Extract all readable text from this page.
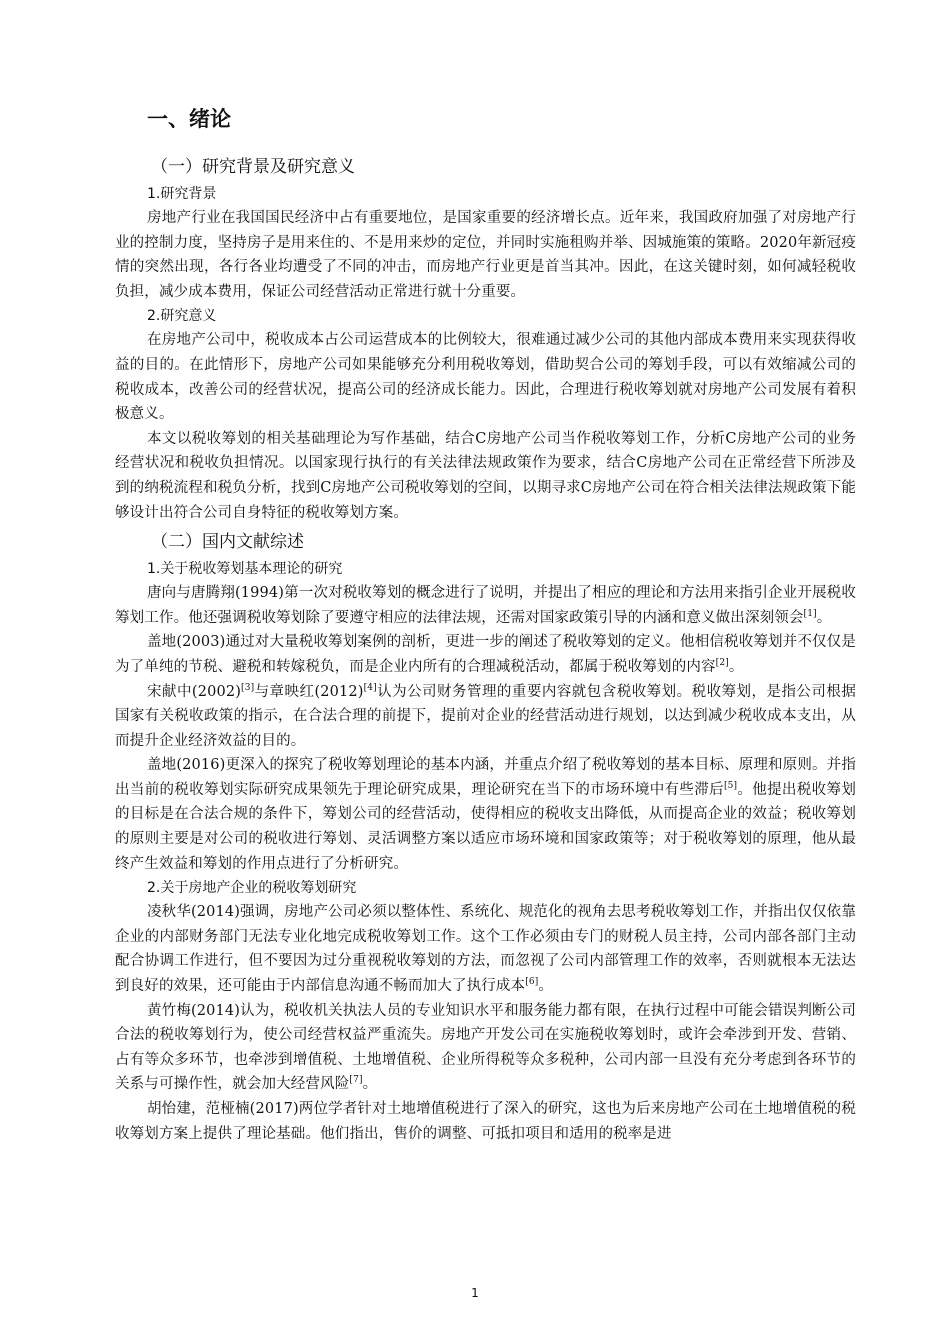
一、绪论
（一）研究背景及研究意义
1.研究背景

房地产行业在我国国民经济中占有重要地位，是国家重要的经济增长点。近年来，我国政府加强了对房地产行业的控制力度，坚持房子是用来住的、不是用来炒的定位，并同时实施租购并举、因城施策的策略。2020年新冠疫情的突然出现，各行各业均遭受了不同的冲击，而房地产行业更是首当其冲。因此，在这关键时刻，如何减轻税收负担，减少成本费用，保证公司经营活动正常进行就十分重要。

2.研究意义

在房地产公司中，税收成本占公司运营成本的比例较大，很难通过减少公司的其他内部成本费用来实现获得收益的目的。在此情形下，房地产公司如果能够充分利用税收筹划，借助契合公司的筹划手段，可以有效缩减公司的税收成本，改善公司的经营状况，提高公司的经济成长能力。因此，合理进行税收筹划就对房地产公司发展有着积极意义。

本文以税收筹划的相关基础理论为写作基础，结合C房地产公司当作税收筹划工作，分析C房地产公司的业务经营状况和税收负担情况。以国家现行执行的有关法律法规政策作为要求，结合C房地产公司在正常经营下所涉及到的纳税流程和税负分析，找到C房地产公司税收筹划的空间，以期寻求C房地产公司在符合相关法律法规政策下能够设计出符合公司自身特征的税收筹划方案。

（二）国内文献综述
1.关于税收筹划基本理论的研究

唐向与唐腾翔(1994)第一次对税收筹划的概念进行了说明，并提出了相应的理论和方法用来指引企业开展税收筹划工作。他还强调税收筹划除了要遵守相应的法律法规，还需对国家政策引导的内涵和意义做出深刻领会[1]。

盖地(2003)通过对大量税收筹划案例的剖析，更进一步的阐述了税收筹划的定义。他相信税收筹划并不仅仅是为了单纯的节税、避税和转嫁税负，而是企业内所有的合理减税活动，都属于税收筹划的内容[2]。

宋献中(2002)[3]与章映红(2012)[4]认为公司财务管理的重要内容就包含税收筹划。税收筹划，是指公司根据国家有关税收政策的指示，在合法合理的前提下，提前对企业的经营活动进行规划，以达到减少税收成本支出，从而提升企业经济效益的目的。

盖地(2016)更深入的探究了税收筹划理论的基本内涵，并重点介绍了税收筹划的基本目标、原理和原则。并指出当前的税收筹划实际研究成果领先于理论研究成果，理论研究在当下的市场环境中有些滞后[5]。他提出税收筹划的目标是在合法合规的条件下，筹划公司的经营活动，使得相应的税收支出降低，从而提高企业的效益；税收筹划的原则主要是对公司的税收进行筹划、灵活调整方案以适应市场环境和国家政策等；对于税收筹划的原理，他从最终产生效益和筹划的作用点进行了分析研究。

2.关于房地产企业的税收筹划研究

凌秋华(2014)强调，房地产公司必须以整体性、系统化、规范化的视角去思考税收筹划工作，并指出仅仅依靠企业的内部财务部门无法专业化地完成税收筹划工作。这个工作必须由专门的财税人员主持，公司内部各部门主动配合协调工作进行，但不要因为过分重视税收筹划的方法，而忽视了公司内部管理工作的效率，否则就根本无法达到良好的效果，还可能由于内部信息沟通不畅而加大了执行成本[6]。

黄竹梅(2014)认为，税收机关执法人员的专业知识水平和服务能力都有限，在执行过程中可能会错误判断公司合法的税收筹划行为，使公司经营权益严重流失。房地产开发公司在实施税收筹划时，或许会牵涉到开发、营销、占有等众多环节，也牵涉到增值税、土地增值税、企业所得税等众多税种，公司内部一旦没有充分考虑到各环节的关系与可操作性，就会加大经营风险[7]。

胡怡建，范桠楠(2017)两位学者针对土地增值税进行了深入的研究，这也为后来房地产公司在土地增值税的税收筹划方案上提供了理论基础。他们指出，售价的调整、可抵扣项目和适用的税率是进

1
